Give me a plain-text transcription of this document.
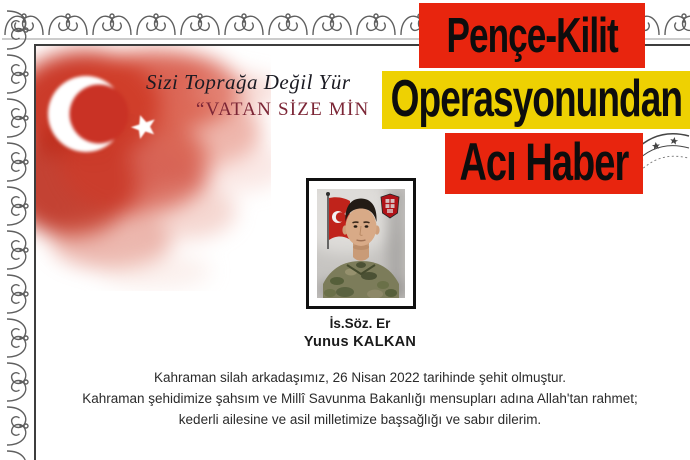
Sizi Toprağa Değil Yür
“VATAN SİZE MİN
İs.Söz. Er
Yunus KALKAN
Kahraman silah arkadaşımız, 26 Nisan 2022 tarihinde şehit olmuştur.
Kahraman şehidimize şahsım ve Millî Savunma Bakanlığı mensupları adına Allah'tan rahmet;
kederli ailesine ve asil milletimize başsağlığı ve sabır dilerim.
Pençe-Kilit
Operasyonundan
Acı Haber
